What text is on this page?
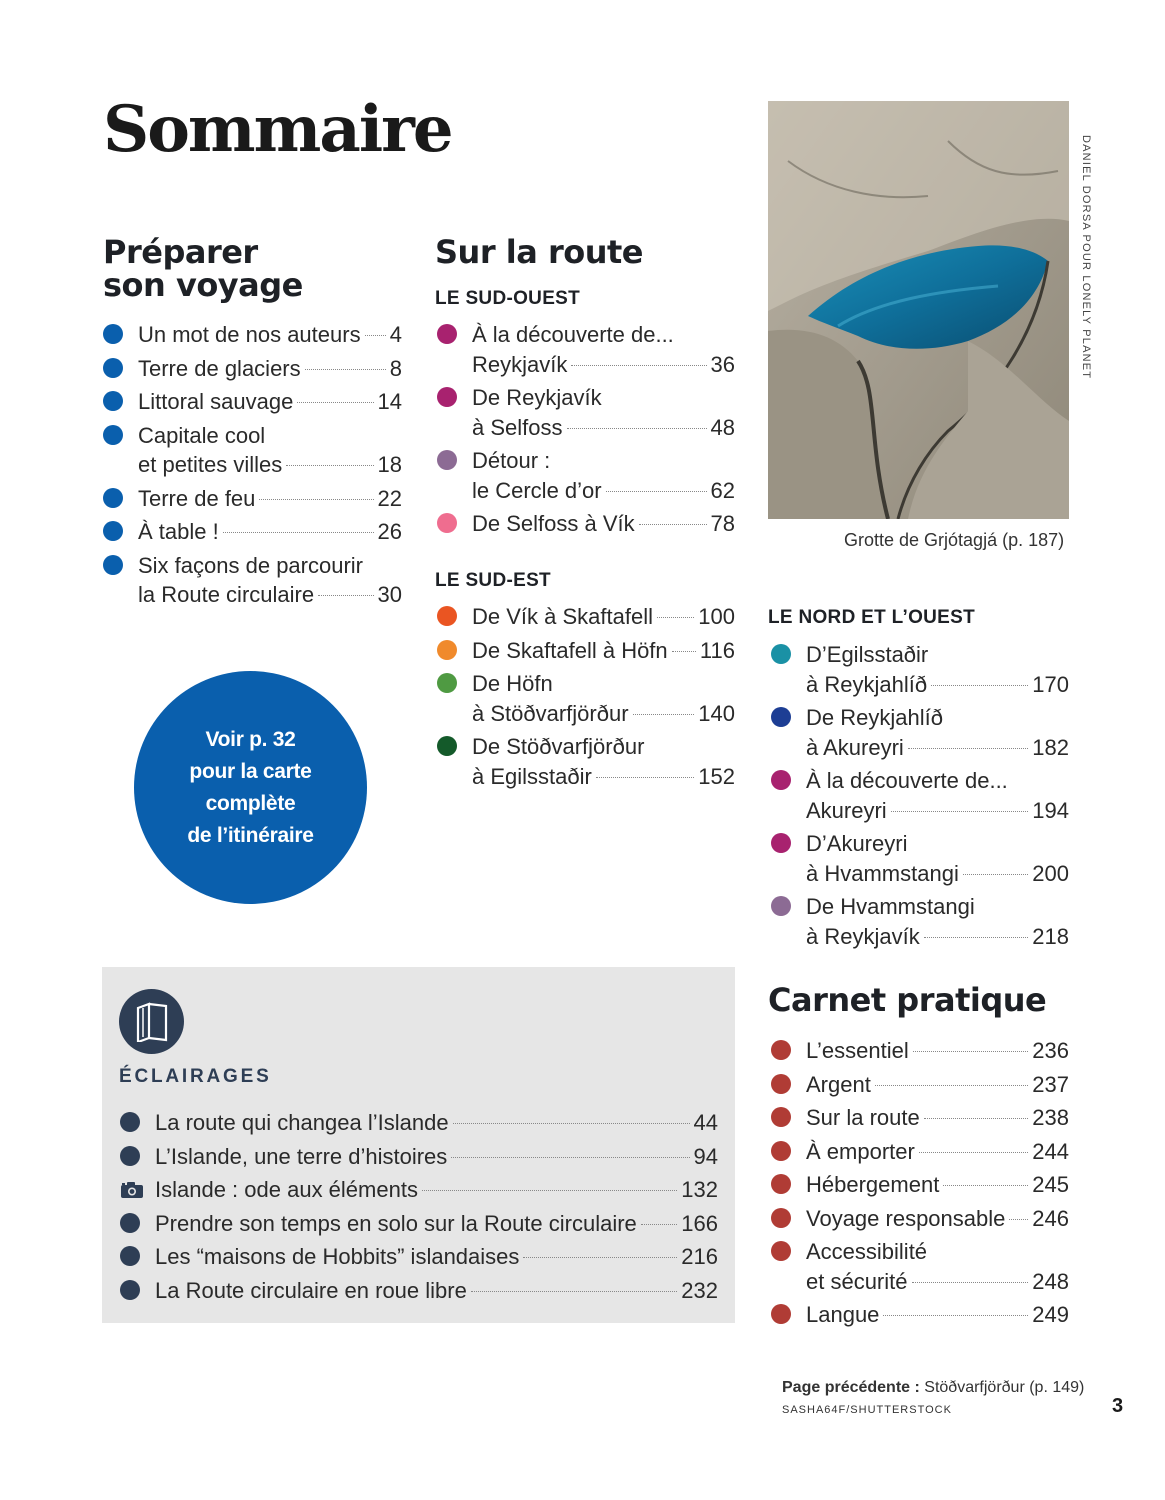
Sommaire
Préparer
son voyage
Un mot de nos auteurs 4
Terre de glaciers	8
Littoral sauvage	14
Capitale cool
et petites villes	18
Terre de feu	22
À table !	26
Six façons de parcourir
la Route circulaire	30
Voir p. 32
pour la carte
complète
de l’itinéraire
Sur la route
LE SUD-OUEST
À la découverte de...
Reykjavík	36
De Reykjavík
à Selfoss	48
Détour :
le Cercle d’or	62
De Selfoss à Vík	78
LE SUD-EST
De Vík à Skaftafell 100
De Skaftafell à Höfn 116
De Höfn
à Stöðvarfjörður	140
De Stöðvarfjörður
à Egilsstaðir	152
DANIEL DORSA POUR LONELY PLANET
Grotte de Grjótagjá (p. 187)
LE NORD ET L’OUEST
D’Egilsstaðir
à Reykjahlíð	170
De Reykjahlíð
à Akureyri	182
À la découverte de...
Akureyri	194
D’Akureyri
à Hvammstangi	200
De Hvammstangi
à Reykjavík	218
ÉCLAIRAGES
La route qui changea l’Islande	44
L’Islande, une terre d’histoires	94
Islande : ode aux éléments	132
Prendre son temps en solo sur la Route circulaire 166
Les “maisons de Hobbits” islandaises	216
La Route circulaire en roue libre	232
Carnet pratique
L’essentiel	236
Argent	237
Sur la route	238
À emporter	244
Hébergement	245
Voyage responsable 246
Accessibilité
et sécurité	248
Langue	249
Page précédente : Stöðvarfjörður (p. 149)
SASHA64F/SHUTTERSTOCK	3
